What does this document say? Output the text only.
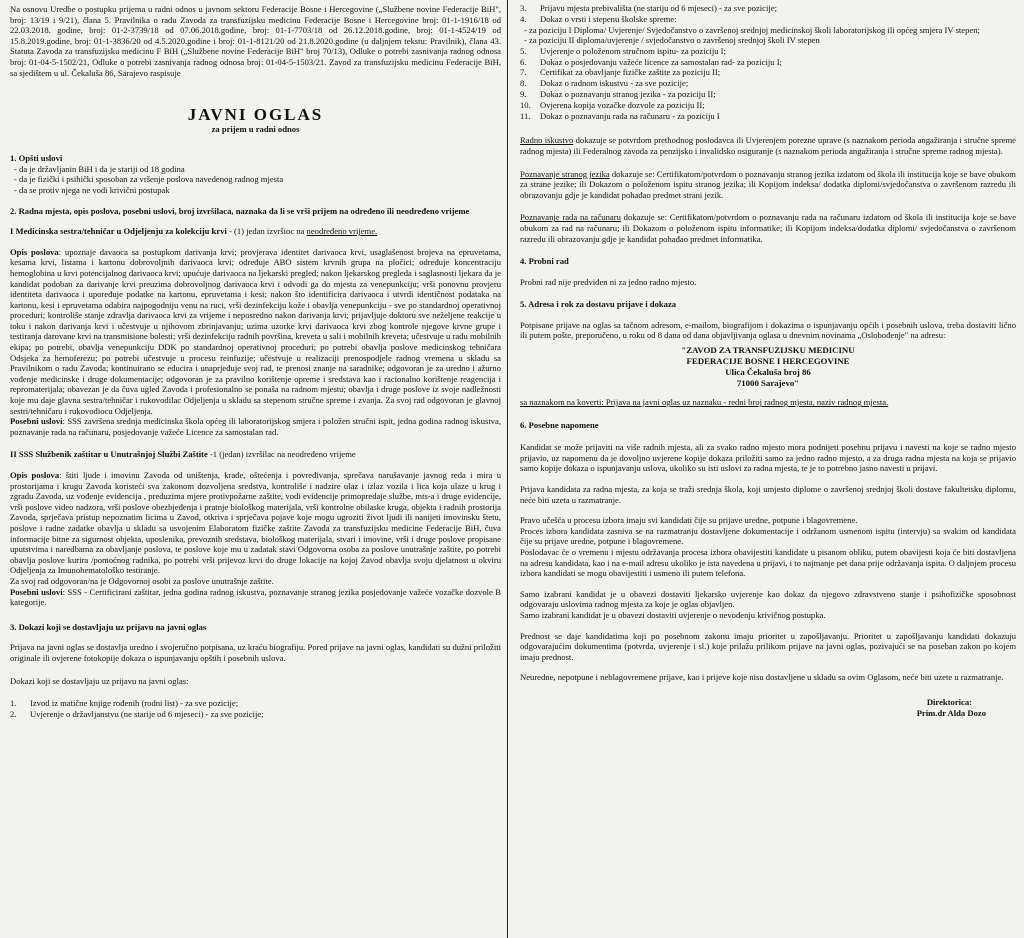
Na osnovu Uredbe o postupku prijema u radni odnos u javnom sektoru Federacije Bosne i Hercegovine („Službene novine Federacije BiH", broj: 13/19 i 9/21), člana 5. Pravilnika o radu Zavoda za transfuzijsku medicinu Federacije Bosne i Hercegovine broj: 01-1-1916/18 od 22.03.2018. godine, broj: 01-2-3739/18 od 07.06.2018.godine, broj: 01-1-7703/18 od 26.12.2018.godine, broj: 01-1-4524/19 od 15.8.2019.godine, broj: 01-1-3836/20 od 4.5.2020.godine i broj: 01-1-8121/20 od 21.8.2020.godine (u daljnjem tekstu: Pravilnik), člana 43. Statuta Zavoda za transfuzijsku medicinu F BiH („Službene novine Federacije BiH" broj 70/13), Odluke o potrebi zasnivanja radnog odnosa broj: 01-04-5-1502/21, Odluke o potrebi zasnivanja radnog odnosa broj: 01-04-5-1503/21. Zavod za transfuzijsku medicinu Federacije BiH, sa sjedištem u ul. Čekaluša 86, Sarajevo raspisuje

JAVNI OGLAS
za prijem u radni odnos

1. Opšti uslovi

- da je državljanin BiH i da je stariji od 18 godina
- da je fizički i psihički sposoban za vršenje poslova navedenog radnog mjesta
- da se protiv njega ne vodi krivični postupak

2. Radna mjesta, opis poslova, posebni uslovi, broj izvršilaca, naznaka da li se vrši prijem na određeno ili neodređeno vrijeme

I Medicinska sestra/tehničar u Odjeljenju za kolekciju krvi - (1) jedan izvršioc na neodređeno vrijeme.

Opis poslova: upoznaje davaoca sa postupkom darivanja krvi; provjerava identitet darivaoca krvi, usaglašenost brojeva na epruvetama, kesama krvi, listama i kartonu dobrovoljnih darivaoca krvi; određuje ABO sistem krvnih grupa na pločici; određuje koncentraciju hemoglobina u krvi potencijalnog darivaoca krvi; upućuje darivaoca na ljekarski pregled; nakon ljekarskog pregleda i saglasnosti ljekara da je kandidat podoban za darivanje krvi preuzima dobrovoljnog darivaoca krvi i odvodi ga do mjesta za venepunkciju; vrši ponovnu provjeru identiteta darivaoca i upoređuje podatke na kartonu, epruvetama i kesi; nakon što identificira darivaoca i utvrdi identičnost podataka na kartonu, kesi i epruvetama odabira najpogodniju venu na ruci, vrši dezinfekciju kože i obavlja venepunkciju - sve po standardnoj operativnoj proceduri; kontroliše stanje zdravlja darivaoca krvi za vrijeme i neposredno nakon darivanja krvi; prijavljuje doktoru sve neželjene reakcije u toku i nakon darivanja krvi i učestvuje u njihovom zbrinjavanju; uzima uzorke krvi darivaoca krvi zbog kontrole njegove krvne grupe i testiranja darovane krvi na transmisione bolesti; vrši dezinfekciju radnih površina, kreveta u sali i mobilnih kreveta; učestvuje u radu mobilnih ekipa; po potrebi, obavlja venepunkciju DDK po standardnoj operativnoj proceduri; po potrebi obavlja poslove medicinskog tehničara Odsjeka za hemoferezu; po potrebi učestvuje u procesu reinfuzije; učestvuje u realizaciji prenospodjele radnog vremena u skladu sa Pravilnikom o radu Zavoda; kontinuirano se educira i unaprjeđuje svoj rad, te prenosi znanje na saradnike; odgovoran je za uredno i ažurno vođenje medicinske i druge dokumentacije; odgovoran je za pravilno korištenje opreme i sredstava kao i racionalno korištenje reagencija i repromaterijala; obavezan je da čuva ugled Zavoda i profesionalno se ponaša na radnom mjestu; obavlja i druge poslove iz svoje nadležnosti koje mu daje glavna sestra/tehničar i rukovodilac Odjeljenja u skladu sa stepenom stručne spreme i zvanja. Za svoj rad odgovoran je glavnoj sestri/tehničaru i rukovodiocu Odjeljenja.

Posebni uslovi: SSS završena srednja medicinska škola općeg ili laboratorijskog smjera i položen stručni ispit, jedna godina radnog iskustva, poznavanje rada na računaru, posjedovanje važeće Licence za samostalan rad.

II SSS Službenik zaštitar u Unutrašnjoj Službi Zaštite -1 (jedan) izvršilac na neodređeno vrijeme

Opis poslova: štiti ljude i imovinu Zavoda od uništenja, krađe, oštećenja i povređivanja, sprečava narušavanje javnog reda i mira u prostorijama i krugu Zavoda koristeći sva zakonom dozvoljena sredstva, kontroliše i nadzire ulaz i izlaz vozila i lica koja ulaze u krug i zgradu Zavoda, uz vođenje evidencija , preduzima mjere protivpožarne zaštite, vodi evidencije primopredaje službe, mts-a i druge evidencije, vrši poslove video nadzora, vrši poslove obezbjeđenja i pratnje biološkog materijala, vrši kontrolne obilaske kruga, objekta i radnih prostorija Zavoda, sprječava pristup nepoznatim licima u Zavod, otkriva i sprječava pojave koje mogu ugroziti život ljudi ili nanijeti imovinsku štetu, poslove i radne zadatke obavlja u skladu sa usvojenim Elaboratom fizičke zaštite Zavoda za transfuzijsku medicine Federacije BiH, čuva informacije bitne za sigurnost objekta, uposlenika, prevoznih sredstava, biološkog materijala, stvari i imovine, vrši i druge poslove propisane uputstvima i naredbama za obavljanje poslova, te poslove koje mu u zadatak stavi Odgovorna osoba za poslove unutrašnje zaštite, po potrebi obavlja poslove kurira /pomoćnog radnika, po potrebi vrši prijevoz krvi do druge lokacije na kojoj Zavod obavlja svoju djelatnost u okviru Odjeljenja za Imunohematološko testiranje.

Za svoj rad odgovoran/na je Odgovornoj osobi za poslove unutrašnje zaštite.

Posebni uslovi: SSS - Certificirani zaštitar, jedna godina radnog iskustva, poznavanje stranog jezika posjedovanje važeće vozačke dozvole B kategorije.

3. Dokazi koji se dostavljaju uz prijavu na javni oglas

Prijava na javni oglas se dostavlja uredno i svojeručno potpisana, uz kraću biografiju. Pored prijave na javni oglas, kandidati su dužni priložiti originale ili ovjerene fotokopije dokaza o ispunjavanju opštih i posebnih uslova.

Dokazi koji se dostavljaju uz prijavu na javni oglas:

1.	Izvod iz matične knjige rođenih (rodni list) - za sve pozicije;
2.	Uvjerenje o državljanstvu (ne starije od 6 mjeseci) - za sve pozicije;
3.	Prijavu mjesta prebivališta (ne stariju od 6 mjeseci) - za sve pozicije;
4.	Dokaz o vrsti i stepenu školske spreme:
- za poziciju I Diploma/ Uvjerenje/ Svjedočanstvo o završenoj srednjoj medicinskoj školi laboratorijskog ili općeg smjera IV stepen;
- za poziciju II diploma/uvjerenje / svjedočanstvo o završenoj srednjoj školi IV stepen
5.	Uvjerenje o položenom stručnom ispitu- za poziciju I;
6.	Dokaz o posjedovanju važeće licence za samostalan rad- za poziciju I;
7.	Certifikat za obavljanje fizičke zaštite za poziciju II;
8.	Dokaz o radnom iskustvu - za sve pozicije;
9.	Dokaz o poznavanju stranog jezika - za poziciju II;
10.	Ovjerena kopija vozačke dozvole za poziciju II;
11.	Dokaz o poznavanju rada na računaru - za poziciju I

Radno iskustvo dokazuje se potvrdom prethodnog poslodavca ili Uvjerenjem porezne uprave (s naznakom perioda angažiranja i stručne spreme radnog mjesta) ili Federalnog zavoda za penzijsko i invalidsko osiguranje (s naznakom perioda angažiranja i stručne spreme radnog mjesta).

Poznavanje stranog jezika dokazuje se: Certifikatom/potvrdom o poznavanju stranog jezika izdatom od škola ili institucija koje se bave obukom za strane jezike; ili Dokazom o položenom ispitu stranog jezika; ili Kopijom indeksa/ dodatka diplomi/svjedočanstva o završenom razredu ili obrazovanju gdje je kandidat pohađao predmet strani jezik.

Poznavanje rada na računaru dokazuje se: Certifikatom/potvrdom o poznavanju rada na računaru izdatom od škola ili institucija koje se bave obukom za rad na računaru; ili Dokazom o položenom ispitu informatike; ili Kopijom indeksa/dodatka diplomi/ svjedočanstva o završenom razredu ili obrazovanju gdje je kandidat pohađao predmet informatika.

4. Probni rad

Probni rad nije predviđen ni za jedno radno mjesto.

5. Adresa i rok za dostavu prijave i dokaza

Potpisane prijave na oglas sa tačnom adresom, e-mailom, biografijom i dokazima o ispunjavanju općih i posebnih uslova, treba dostaviti lično ili putem pošte, preporučeno, u roku od 8 dana od dana objavljivanja oglasa u dnevnim novinama „Oslobođenje" na adresu:

"ZAVOD ZA TRANSFUZIJSKU MEDICINU

FEDERACIJE BOSNE I HERCEGOVINE

Ulica Čekaluša broj 86

71000 Sarajevo"

sa naznakom na koverti: Prijava na javni oglas uz naznaku - redni broj radnog mjesta, naziv radnog mjesta.

6. Posebne napomene

Kandidat se može prijaviti na više radnih mjesta, ali za svako radno mjesto mora podnijeti posebnu prijavu i navesti na koje se radno mjesto prijavio, uz napomenu da je dovoljno uvjerene kopije dokaza priložiti samo za jedno radno mjesto, a za druga radna mjesta na koja se prijavio samo kopije dokaza o ispunjavanju uslova, ukoliko su isti uslovi za radna mjesta, te je to potrebno jasno navesti u prijavi.

Prijava kandidata za radna mjesta, za koja se traži srednja škola, koji umjesto diplome o završenoj srednjoj školi dostave fakultetsku diplomu, neće biti uzeta u razmatranje.

Pravo učešća u procesu izbora imaju svi kandidati čije su prijave uredne, potpune i blagovremene.

Proces izbora kandidata zasniva se na razmatranju dostavljene dokumentacije i održanom usmenom ispitu (intervju) sa svakim od kandidata čije su prijave uredne, potpune i blagovremene.

Poslodavac će o vremenu i mjestu održavanja procesa izbora obavijestiti kandidate u pisanom obliku, putem obavijesti koja će biti dostavljena na adresu kandidata, kao i na e-mail adresu ukoliko je ista navedena u prijavi, i to najmanje pet dana prije održavanja ispita. O daljnjem procesu izbora kandidati se mogu obavijestiti i usmeno ili putem telefona.

Samo izabrani kandidat je u obavezi dostaviti ljekarsko uvjerenje kao dokaz da njegovo zdravstveno stanje i psihofizičke sposobnost odgovaraju uslovima radnog mjesta za koje je oglas objavljen.

Samo izabrani kandidat je u obavezi dostaviti uvjerenje o nevođenju krivičnog postupka.

Prednost se daje kandidatima koji po posebnom zakonu imaju prioritet u zapošljavanju. Prioritet u zapošljavanju kandidati dokazuju odgovarajućim dokumentima (potvrda, uvjerenje i sl.) koje prilažu prilikom prijave na javni oglas, pozivajući se na poseban zakon po kojem imaju prednost.

Neuredne, nepotpune i neblagovremene prijave, kao i prijeve koje nisu dostavljene u skladu sa ovim Oglasom, neće biti uzete u razmatranje.

Direktorica:

Prim.dr Alda Dozo
